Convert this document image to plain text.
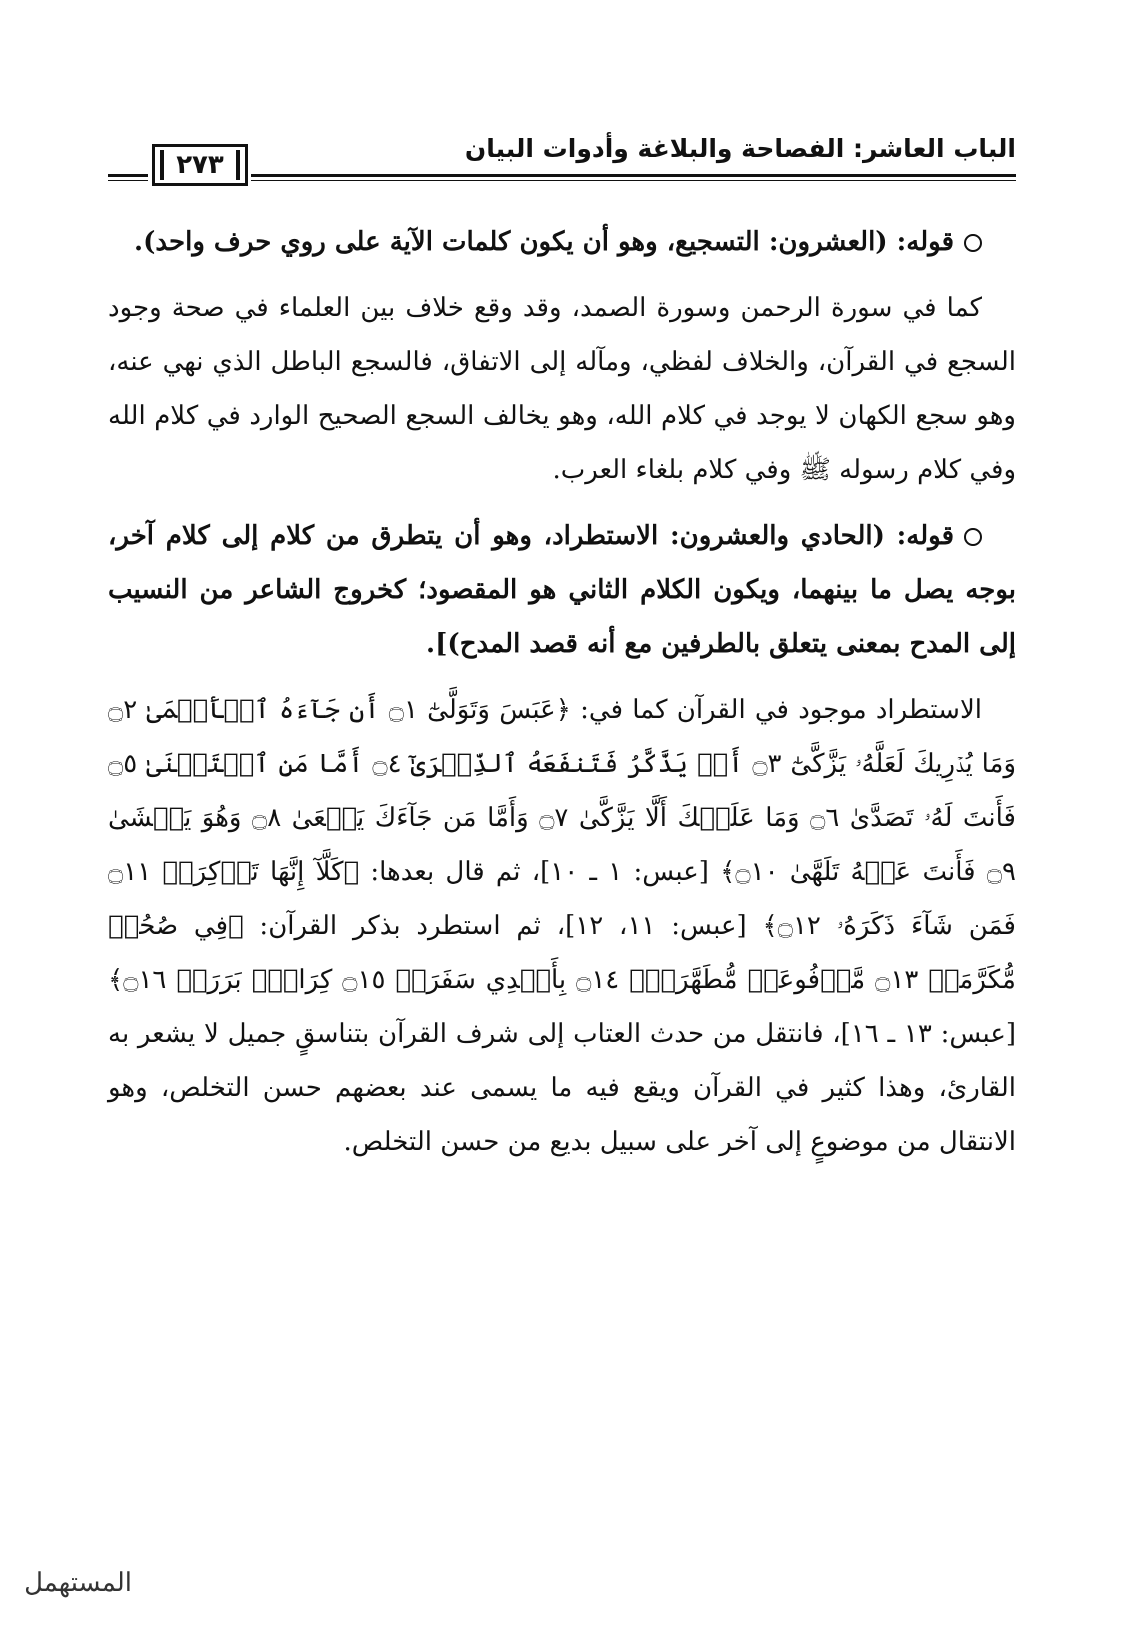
الباب العاشر: الفصاحة والبلاغة وأدوات البيان
٢٧٣

قوله: (العشرون: التسجيع، وهو أن يكون كلمات الآية على روي حرف واحد).

كما في سورة الرحمن وسورة الصمد، وقد وقع خلاف بين العلماء في صحة وجود السجع في القرآن، والخلاف لفظي، ومآله إلى الاتفاق، فالسجع الباطل الذي نهي عنه، وهو سجع الكهان لا يوجد في كلام الله، وهو يخالف السجع الصحيح الوارد في كلام الله وفي كلام رسوله ﷺ وفي كلام بلغاء العرب.

قوله: (الحادي والعشرون: الاستطراد، وهو أن يتطرق من كلام إلى كلام آخر، بوجه يصل ما بينهما، ويكون الكلام الثاني هو المقصود؛ كخروج الشاعر من النسيب إلى المدح بمعنى يتعلق بالطرفين مع أنه قصد المدح)].

الاستطراد موجود في القرآن كما في: ﴿عَبَسَ وَتَوَلَّىٰٓ ۝١ أَن جَآءَهُ ٱلۡأَعۡمَىٰ ۝٢ وَمَا يُدۡرِيكَ لَعَلَّهُۥ يَزَّكَّىٰٓ ۝٣ أَوۡ يَذَّكَّرُ فَتَنفَعَهُ ٱلذِّكۡرَىٰٓ ۝٤ أَمَّا مَنِ ٱسۡتَغۡنَىٰ ۝٥ فَأَنتَ لَهُۥ تَصَدَّىٰ ۝٦ وَمَا عَلَيۡكَ أَلَّا يَزَّكَّىٰ ۝٧ وَأَمَّا مَن جَآءَكَ يَسۡعَىٰ ۝٨ وَهُوَ يَخۡشَىٰ ۝٩ فَأَنتَ عَنۡهُ تَلَهَّىٰ ۝١٠﴾ [عبس: ١ ـ ١٠]، ثم قال بعدها: ﴿كَلَّآ إِنَّهَا تَذۡكِرَةٞ ۝١١ فَمَن شَآءَ ذَكَرَهُۥ ۝١٢﴾ [عبس: ١١، ١٢]، ثم استطرد بذكر القرآن: ﴿فِي صُحُفٖ مُّكَرَّمَةٖ ۝١٣ مَّرۡفُوعَةٖ مُّطَهَّرَةِۭ ۝١٤ بِأَيۡدِي سَفَرَةٖ ۝١٥ كِرَامِۭ بَرَرَةٖ ۝١٦﴾ [عبس: ١٣ ـ ١٦]، فانتقل من حدث العتاب إلى شرف القرآن بتناسقٍ جميل لا يشعر به القارئ، وهذا كثير في القرآن ويقع فيه ما يسمى عند بعضهم حسن التخلص، وهو الانتقال من موضوعٍ إلى آخر على سبيل بديع من حسن التخلص.

المستهمل
